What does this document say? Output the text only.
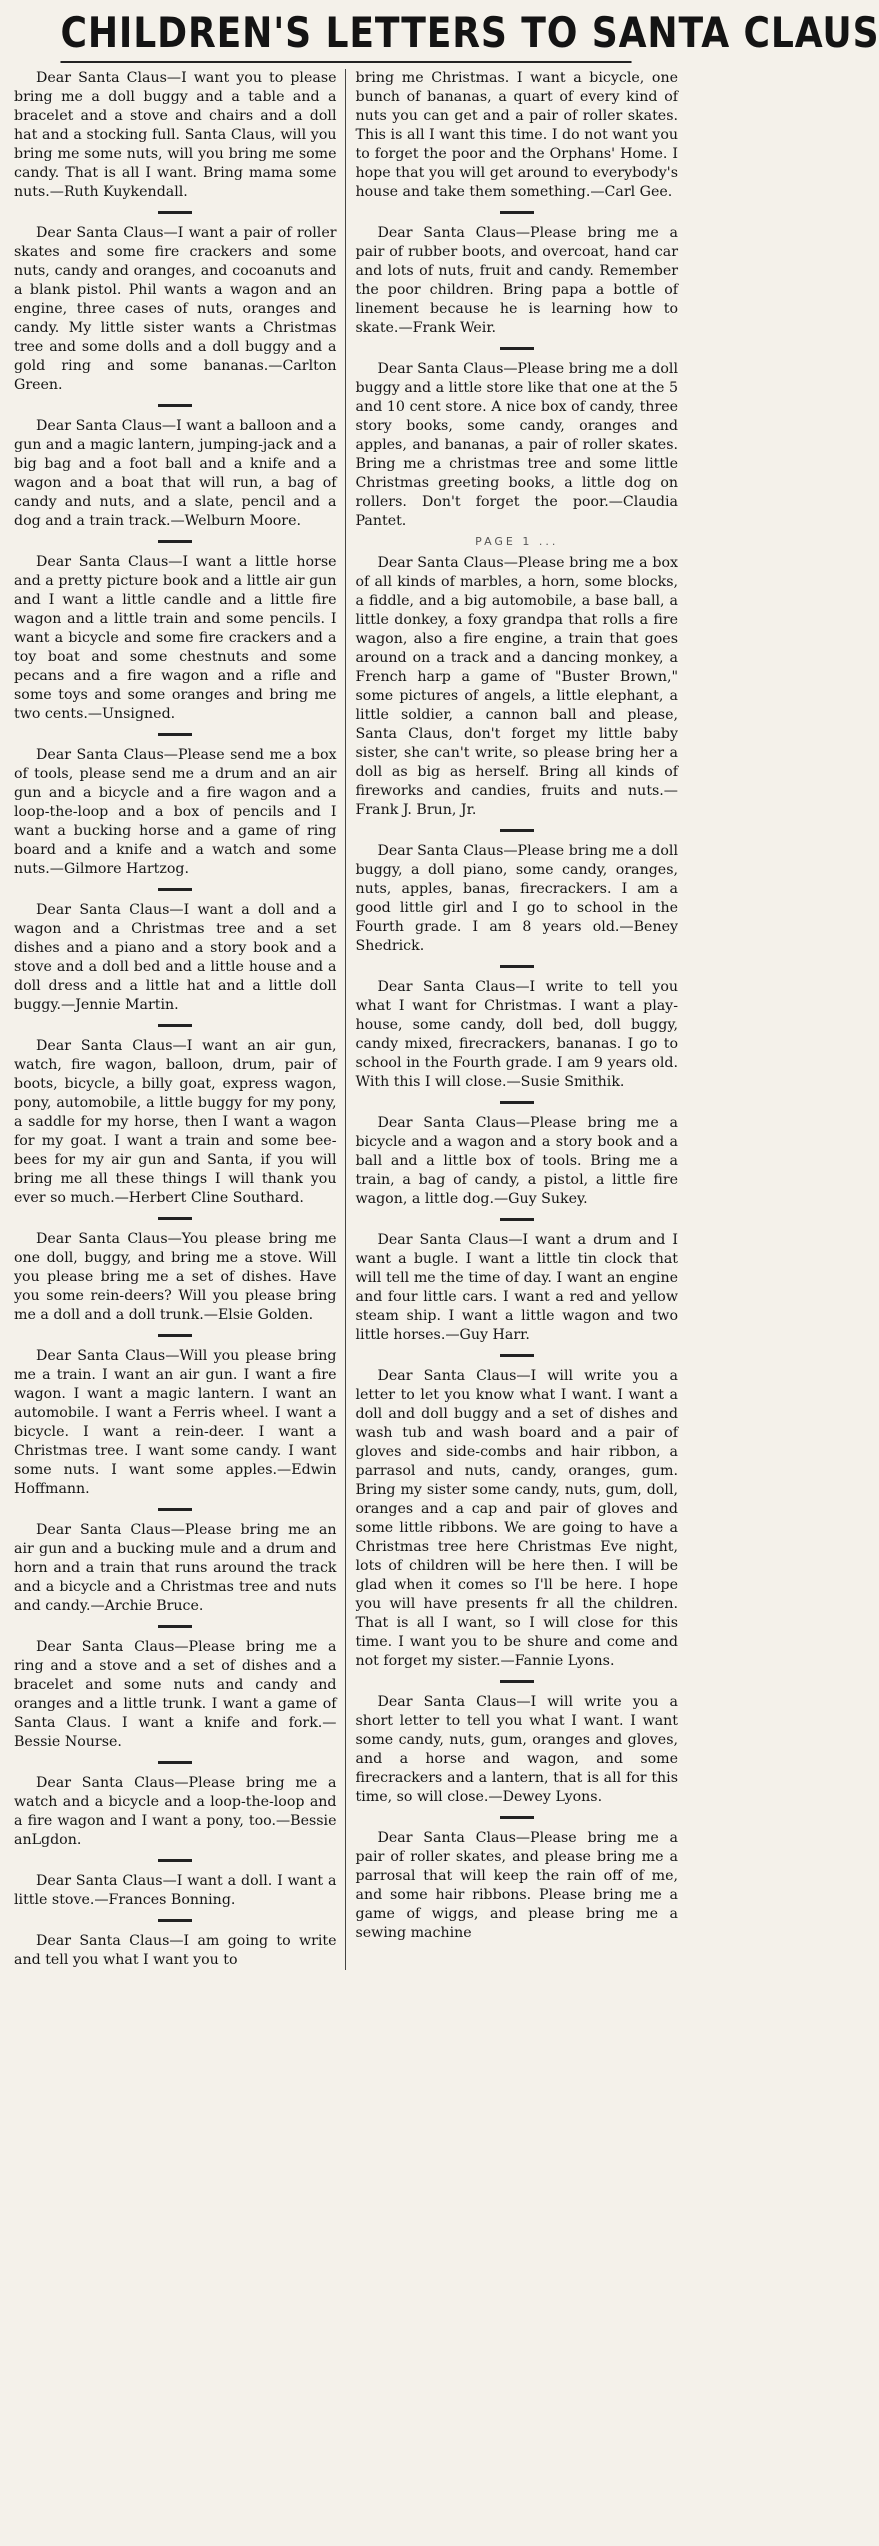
CHILDREN'S LETTERS TO SANTA CLAUS

Dear Santa Claus—I want you to please bring me a doll buggy and a table and a bracelet and a stove and chairs and a doll hat and a stocking full. Santa Claus, will you bring me some nuts, will you bring me some candy. That is all I want. Bring mama some nuts.—Ruth Kuykendall.

Dear Santa Claus—I want a pair of roller skates and some fire crackers and some nuts, candy and oranges, and cocoanuts and a blank pistol. Phil wants a wagon and an engine, three cases of nuts, oranges and candy. My little sister wants a Christmas tree and some dolls and a doll buggy and a gold ring and some bananas.—Carlton Green.

Dear Santa Claus—I want a balloon and a gun and a magic lantern, jumping-jack and a big bag and a foot ball and a knife and a wagon and a boat that will run, a bag of candy and nuts, and a slate, pencil and a dog and a train track.—Welburn Moore.

Dear Santa Claus—I want a little horse and a pretty picture book and a little air gun and I want a little candle and a little fire wagon and a little train and some pencils. I want a bicycle and some fire crackers and a toy boat and some chestnuts and some pecans and a fire wagon and a rifle and some toys and some oranges and bring me two cents.—Unsigned.

Dear Santa Claus—Please send me a box of tools, please send me a drum and an air gun and a bicycle and a fire wagon and a loop-the-loop and a box of pencils and I want a bucking horse and a game of ring board and a knife and a watch and some nuts.—Gilmore Hartzog.

Dear Santa Claus—I want a doll and a wagon and a Christmas tree and a set dishes and a piano and a story book and a stove and a doll bed and a little house and a doll dress and a little hat and a little doll buggy.—Jennie Martin.

Dear Santa Claus—I want an air gun, watch, fire wagon, balloon, drum, pair of boots, bicycle, a billy goat, express wagon, pony, automobile, a little buggy for my pony, a saddle for my horse, then I want a wagon for my goat. I want a train and some bee-bees for my air gun and Santa, if you will bring me all these things I will thank you ever so much.—Herbert Cline Southard.

Dear Santa Claus—You please bring me one doll, buggy, and bring me a stove. Will you please bring me a set of dishes. Have you some rein-deers? Will you please bring me a doll and a doll trunk.—Elsie Golden.

Dear Santa Claus—Will you please bring me a train. I want an air gun. I want a fire wagon. I want a magic lantern. I want an automobile. I want a Ferris wheel. I want a bicycle. I want a rein-deer. I want a Christmas tree. I want some candy. I want some nuts. I want some apples.—Edwin Hoffmann.

Dear Santa Claus—Please bring me an air gun and a bucking mule and a drum and horn and a train that runs around the track and a bicycle and a Christmas tree and nuts and candy.—Archie Bruce.

Dear Santa Claus—Please bring me a ring and a stove and a set of dishes and a bracelet and some nuts and candy and oranges and a little trunk. I want a game of Santa Claus. I want a knife and fork.—Bessie Nourse.

Dear Santa Claus—Please bring me a watch and a bicycle and a loop-the-loop and a fire wagon and I want a pony, too.—Bessie anLgdon.

Dear Santa Claus—I want a doll. I want a little stove.—Frances Bonning.

Dear Santa Claus—I am going to write and tell you what I want you to

bring me Christmas. I want a bicycle, one bunch of bananas, a quart of every kind of nuts you can get and a pair of roller skates. This is all I want this time. I do not want you to forget the poor and the Orphans' Home. I hope that you will get around to everybody's house and take them something.—Carl Gee.

Dear Santa Claus—Please bring me a pair of rubber boots, and overcoat, hand car and lots of nuts, fruit and candy. Remember the poor children. Bring papa a bottle of linement because he is learning how to skate.—Frank Weir.

Dear Santa Claus—Please bring me a doll buggy and a little store like that one at the 5 and 10 cent store. A nice box of candy, three story books, some candy, oranges and apples, and bananas, a pair of roller skates. Bring me a christmas tree and some little Christmas greeting books, a little dog on rollers. Don't forget the poor.—Claudia Pantet.

PAGE 1 ...

Dear Santa Claus—Please bring me a box of all kinds of marbles, a horn, some blocks, a fiddle, and a big automobile, a base ball, a little donkey, a foxy grandpa that rolls a fire wagon, also a fire engine, a train that goes around on a track and a dancing monkey, a French harp a game of "Buster Brown," some pictures of angels, a little elephant, a little soldier, a cannon ball and please, Santa Claus, don't forget my little baby sister, she can't write, so please bring her a doll as big as herself. Bring all kinds of fireworks and candies, fruits and nuts.—Frank J. Brun, Jr.

Dear Santa Claus—Please bring me a doll buggy, a doll piano, some candy, oranges, nuts, apples, banas, firecrackers. I am a good little girl and I go to school in the Fourth grade. I am 8 years old.—Beney Shedrick.

Dear Santa Claus—I write to tell you what I want for Christmas. I want a play-house, some candy, doll bed, doll buggy, candy mixed, firecrackers, bananas. I go to school in the Fourth grade. I am 9 years old. With this I will close.—Susie Smithik.

Dear Santa Claus—Please bring me a bicycle and a wagon and a story book and a ball and a little box of tools. Bring me a train, a bag of candy, a pistol, a little fire wagon, a little dog.—Guy Sukey.

Dear Santa Claus—I want a drum and I want a bugle. I want a little tin clock that will tell me the time of day. I want an engine and four little cars. I want a red and yellow steam ship. I want a little wagon and two little horses.—Guy Harr.

Dear Santa Claus—I will write you a letter to let you know what I want. I want a doll and doll buggy and a set of dishes and wash tub and wash board and a pair of gloves and side-combs and hair ribbon, a parrasol and nuts, candy, oranges, gum. Bring my sister some candy, nuts, gum, doll, oranges and a cap and pair of gloves and some little ribbons. We are going to have a Christmas tree here Christmas Eve night, lots of children will be here then. I will be glad when it comes so I'll be here. I hope you will have presents fr all the children. That is all I want, so I will close for this time. I want you to be shure and come and not forget my sister.—Fannie Lyons.

Dear Santa Claus—I will write you a short letter to tell you what I want. I want some candy, nuts, gum, oranges and gloves, and a horse and wagon, and some firecrackers and a lantern, that is all for this time, so will close.—Dewey Lyons.

Dear Santa Claus—Please bring me a pair of roller skates, and please bring me a parrosal that will keep the rain off of me, and some hair ribbons. Please bring me a game of wiggs, and please bring me a sewing machine
